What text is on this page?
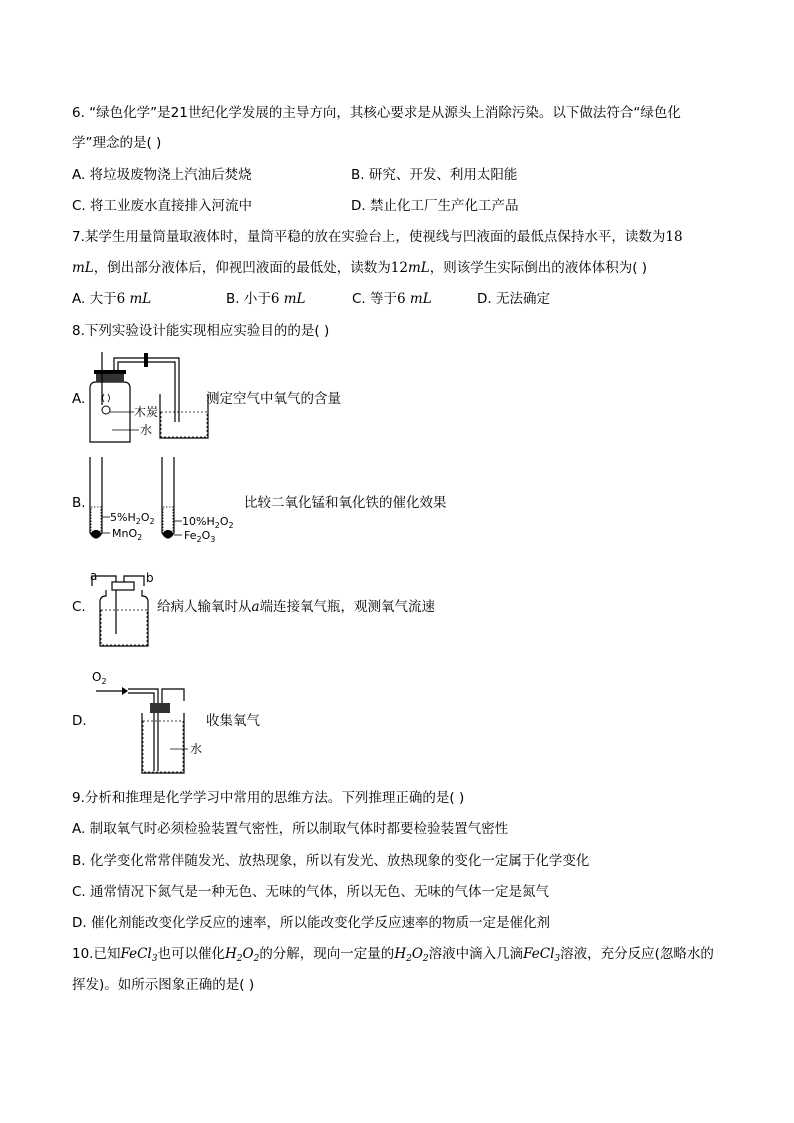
6. “绿色化学”是21世纪化学发展的主导方向，其核心要求是从源头上消除污染。以下做法符合“绿色化
学”理念的是( )
A. 将垃圾废物浇上汽油后焚烧	B. 研究、开发、利用太阳能
C. 将工业废水直接排入河流中	D. 禁止化工厂生产化工产品
7.某学生用量筒量取液体时，量筒平稳的放在实验台上，使视线与凹液面的最低点保持水平，读数为18
mL，倒出部分液体后，仰视凹液面的最低处，读数为12mL，则该学生实际倒出的液体体积为( )
A. 大于6 mL	B. 小于6 mL	C. 等于6 mL	D. 无法确定
8.下列实验设计能实现相应实验目的的是( )
A.
木炭
水
测定空气中氧气的含量
B.
$5\%H_2O_2$
MnO$_2$
$10\%H_2O_2$
$Fe_2O_3$
比较二氧化锰和氧化铁的催化效果
C.
a	b
给病人输氧时从a端连接氧气瓶，观测氧气流速
D.
$O_2$
水
收集氧气
9.分析和推理是化学学习中常用的思维方法。下列推理正确的是( )
A. 制取氧气时必须检验装置气密性，所以制取气体时都要检验装置气密性
B. 化学变化常常伴随发光、放热现象，所以有发光、放热现象的变化一定属于化学变化
C. 通常情况下氮气是一种无色、无味的气体，所以无色、无味的气体一定是氮气
D. 催化剂能改变化学反应的速率，所以能改变化学反应速率的物质一定是催化剂
10.已知FeCl$_3$也可以催化$H_2O_2$的分解，现向一定量的$H_2O_2$溶液中滴入几滴FeCl$_3$溶液，充分反应(忽略水的
挥发)。如所示图象正确的是( )
